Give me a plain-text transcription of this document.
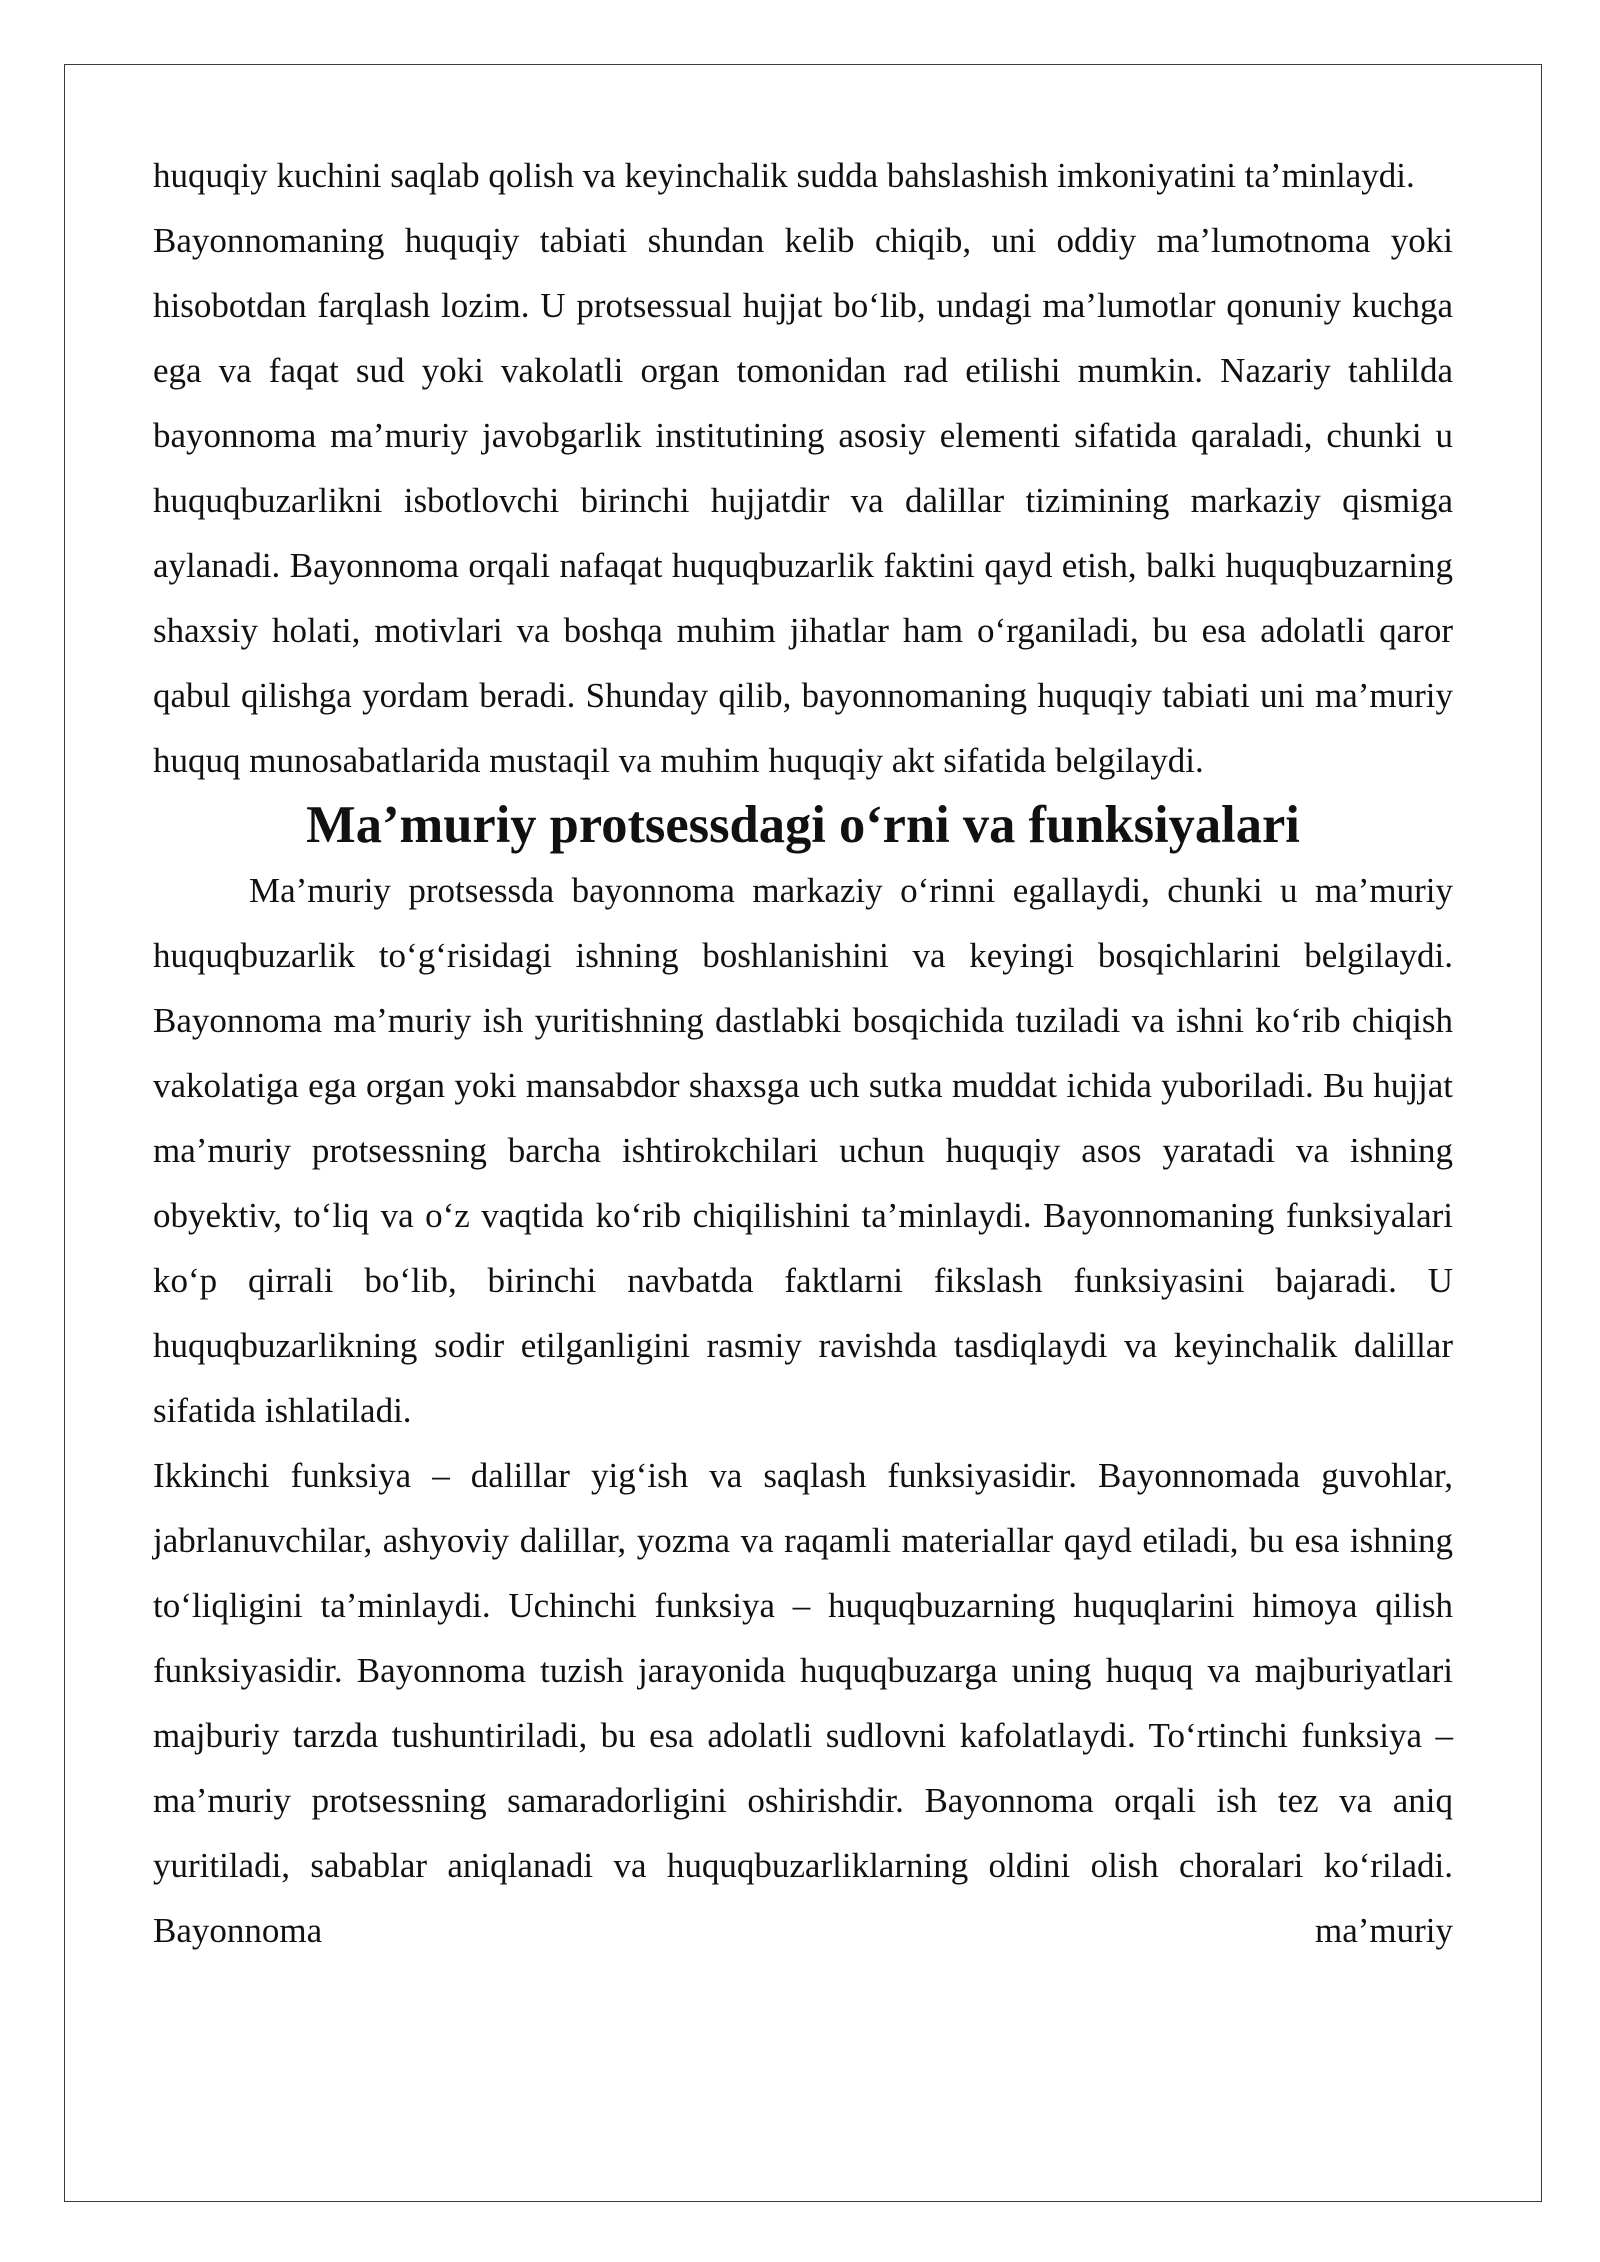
huquqiy kuchini saqlab qolish va keyinchalik sudda bahslashish imkoniyatini ta’minlaydi.

Bayonnomaning huquqiy tabiati shundan kelib chiqib, uni oddiy ma’lumotnoma yoki hisobotdan farqlash lozim. U protsessual hujjat bo‘lib, undagi ma’lumotlar qonuniy kuchga ega va faqat sud yoki vakolatli organ tomonidan rad etilishi mumkin. Nazariy tahlilda bayonnoma ma’muriy javobgarlik institutining asosiy elementi sifatida qaraladi, chunki u huquqbuzarlikni isbotlovchi birinchi hujjatdir va dalillar tizimining markaziy qismiga aylanadi. Bayonnoma orqali nafaqat huquqbuzarlik faktini qayd etish, balki huquqbuzarning shaxsiy holati, motivlari va boshqa muhim jihatlar ham o‘rganiladi, bu esa adolatli qaror qabul qilishga yordam beradi. Shunday qilib, bayonnomaning huquqiy tabiati uni ma’muriy huquq munosabatlarida mustaqil va muhim huquqiy akt sifatida belgilaydi.

Ma’muriy protsessdagi o‘rni va funksiyalari

Ma’muriy protsessda bayonnoma markaziy o‘rinni egallaydi, chunki u ma’muriy huquqbuzarlik to‘g‘risidagi ishning boshlanishini va keyingi bosqichlarini belgilaydi. Bayonnoma ma’muriy ish yuritishning dastlabki bosqichida tuziladi va ishni ko‘rib chiqish vakolatiga ega organ yoki mansabdor shaxsga uch sutka muddat ichida yuboriladi. Bu hujjat ma’muriy protsessning barcha ishtirokchilari uchun huquqiy asos yaratadi va ishning obyektiv, to‘liq va o‘z vaqtida ko‘rib chiqilishini ta’minlaydi. Bayonnomaning funksiyalari ko‘p qirrali bo‘lib, birinchi navbatda faktlarni fikslash funksiyasini bajaradi. U huquqbuzarlikning sodir etilganligini rasmiy ravishda tasdiqlaydi va keyinchalik dalillar sifatida ishlatiladi.

Ikkinchi funksiya – dalillar yig‘ish va saqlash funksiyasidir. Bayonnomada guvohlar, jabrlanuvchilar, ashyoviy dalillar, yozma va raqamli materiallar qayd etiladi, bu esa ishning to‘liqligini ta’minlaydi. Uchinchi funksiya – huquqbuzarning huquqlarini himoya qilish funksiyasidir. Bayonnoma tuzish jarayonida huquqbuzarga uning huquq va majburiyatlari majburiy tarzda tushuntiriladi, bu esa adolatli sudlovni kafolatlaydi. To‘rtinchi funksiya – ma’muriy protsessning samaradorligini oshirishdir. Bayonnoma orqali ish tez va aniq yuritiladi, sabablar aniqlanadi va huquqbuzarliklarning oldini olish choralari ko‘riladi. Bayonnoma ma’muriy
